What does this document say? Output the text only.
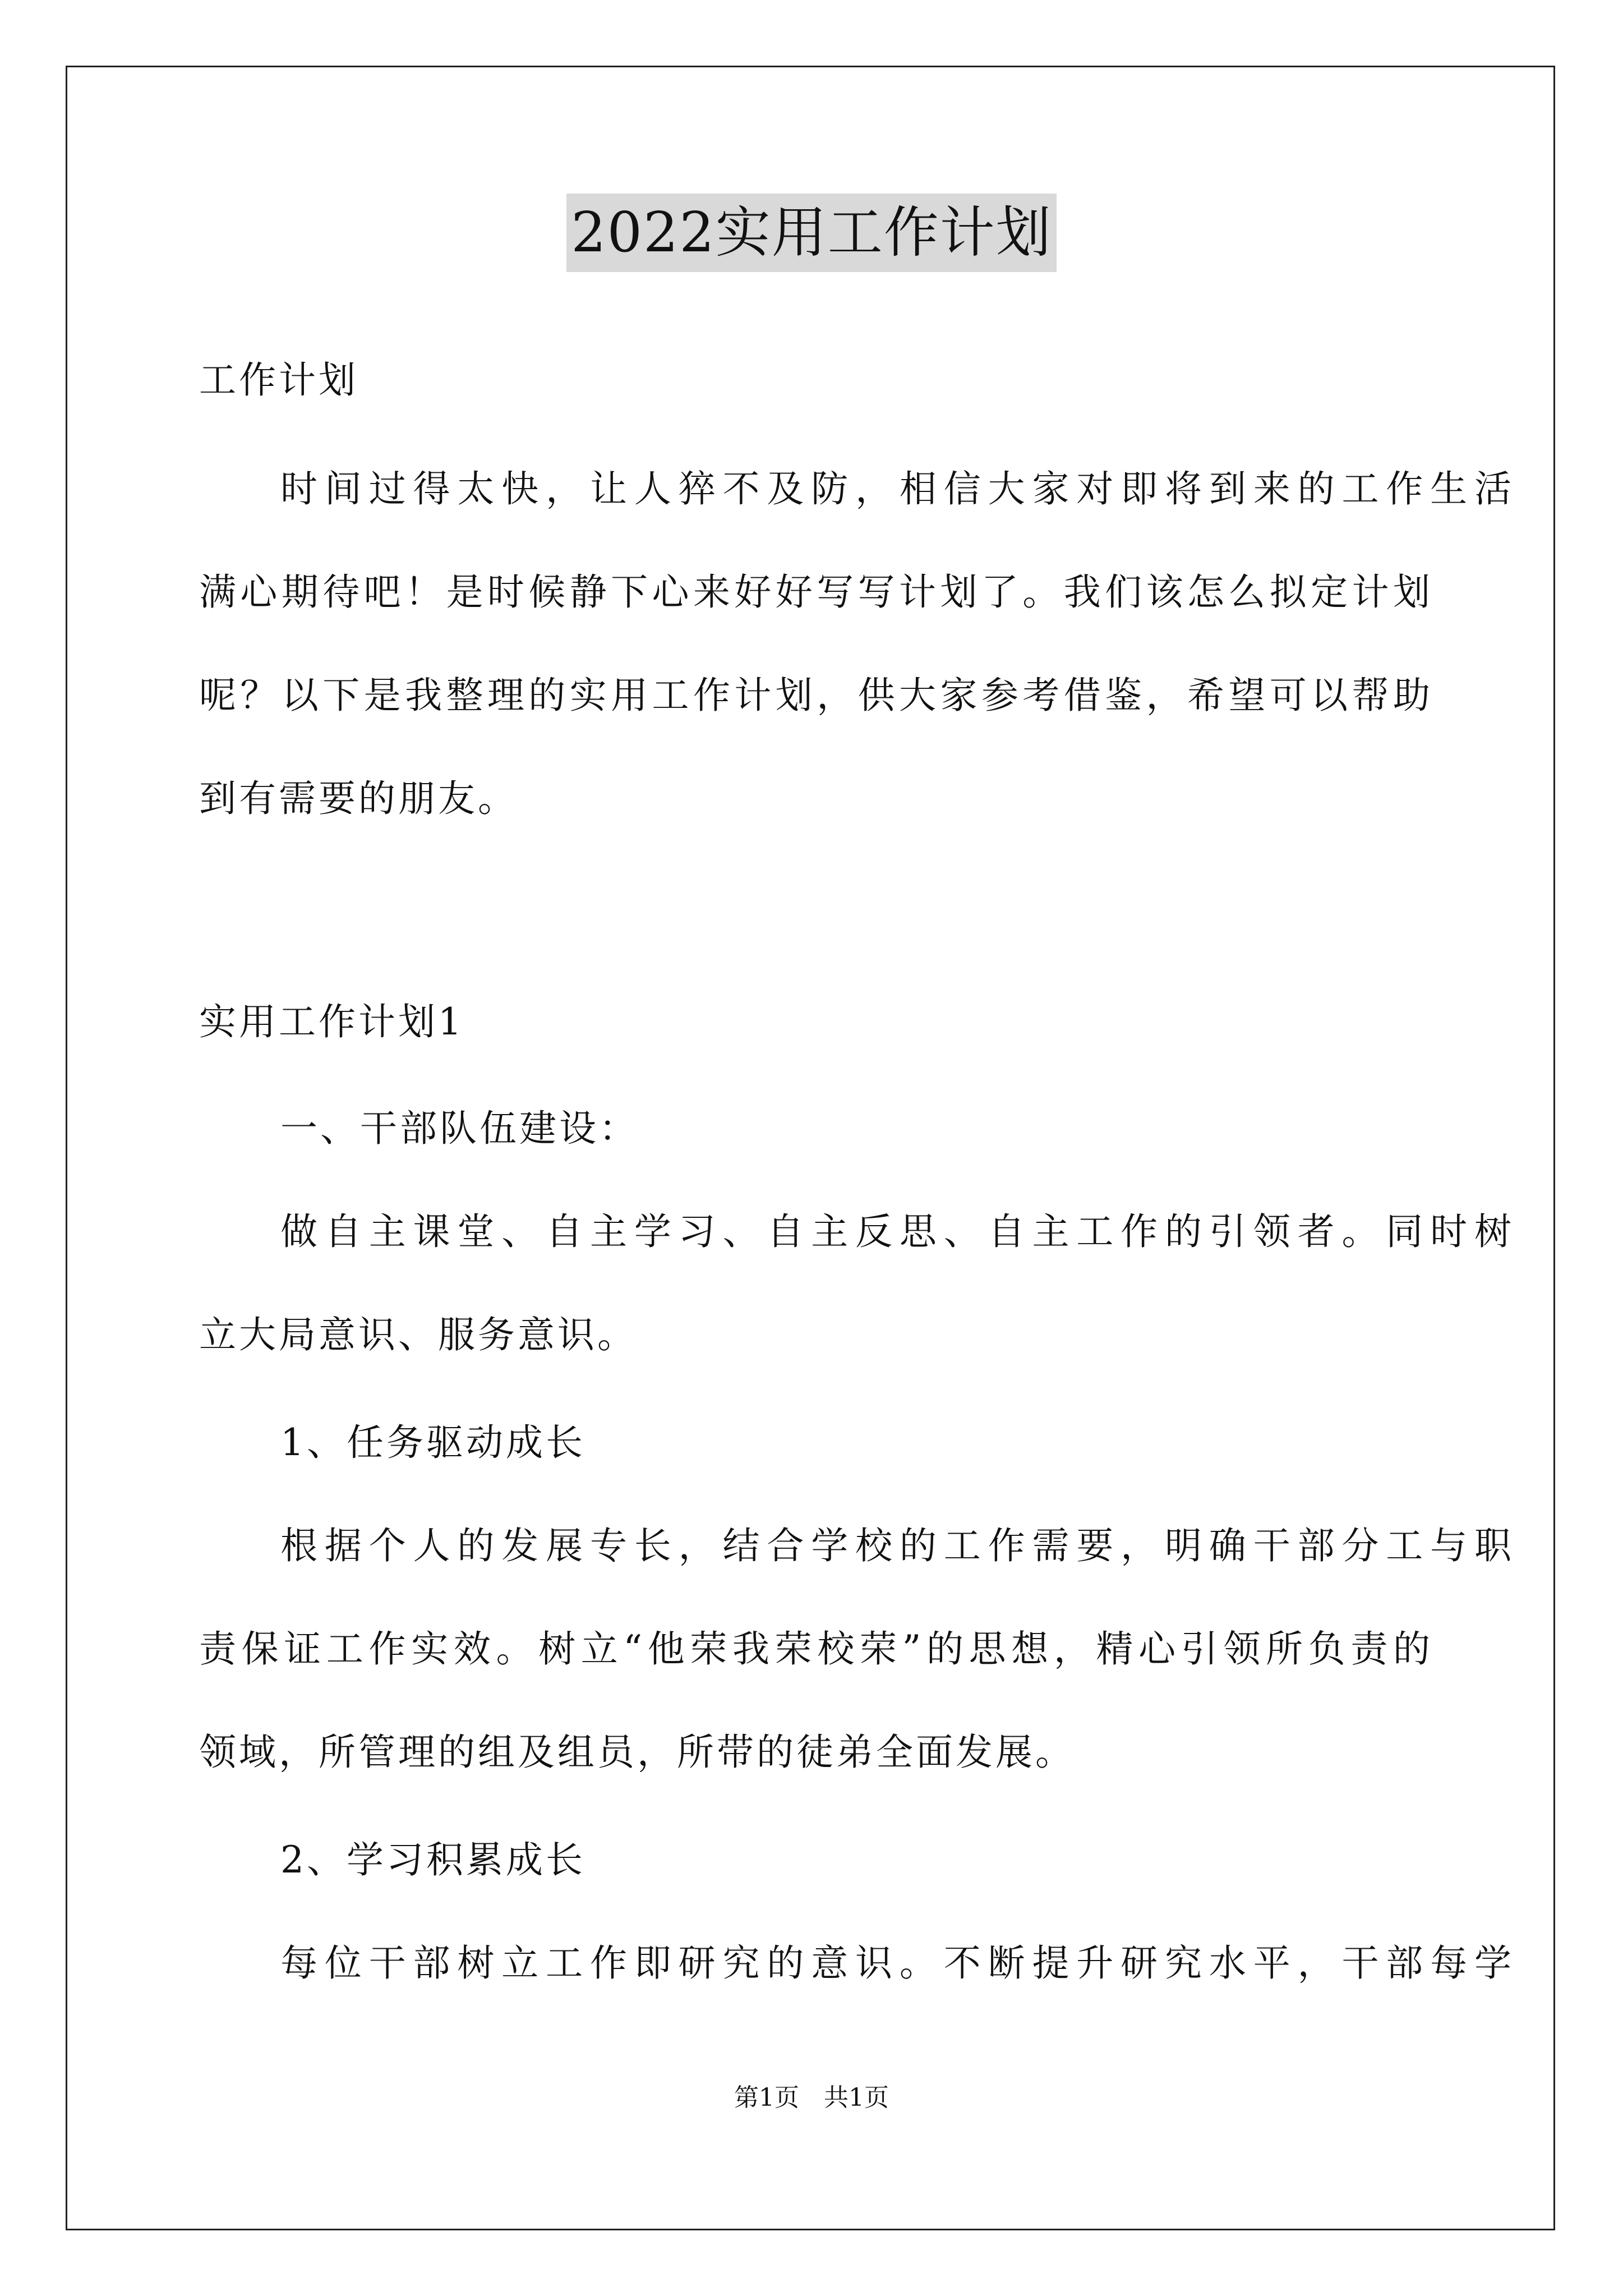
2022实用工作计划
工作计划
时间过得太快，让人猝不及防，相信大家对即将到来的工作生活
满心期待吧！是时候静下心来好好写写计划了。我们该怎么拟定计划
呢？以下是我整理的实用工作计划，供大家参考借鉴，希望可以帮助
到有需要的朋友。
实用工作计划1
一、干部队伍建设：
做自主课堂、自主学习、自主反思、自主工作的引领者。同时树
立大局意识、服务意识。
1、任务驱动成长
根据个人的发展专长，结合学校的工作需要，明确干部分工与职
责保证工作实效。树立“他荣我荣校荣”的思想，精心引领所负责的
领域，所管理的组及组员，所带的徒弟全面发展。
2、学习积累成长
每位干部树立工作即研究的意识。不断提升研究水平，干部每学
第1页　共1页
